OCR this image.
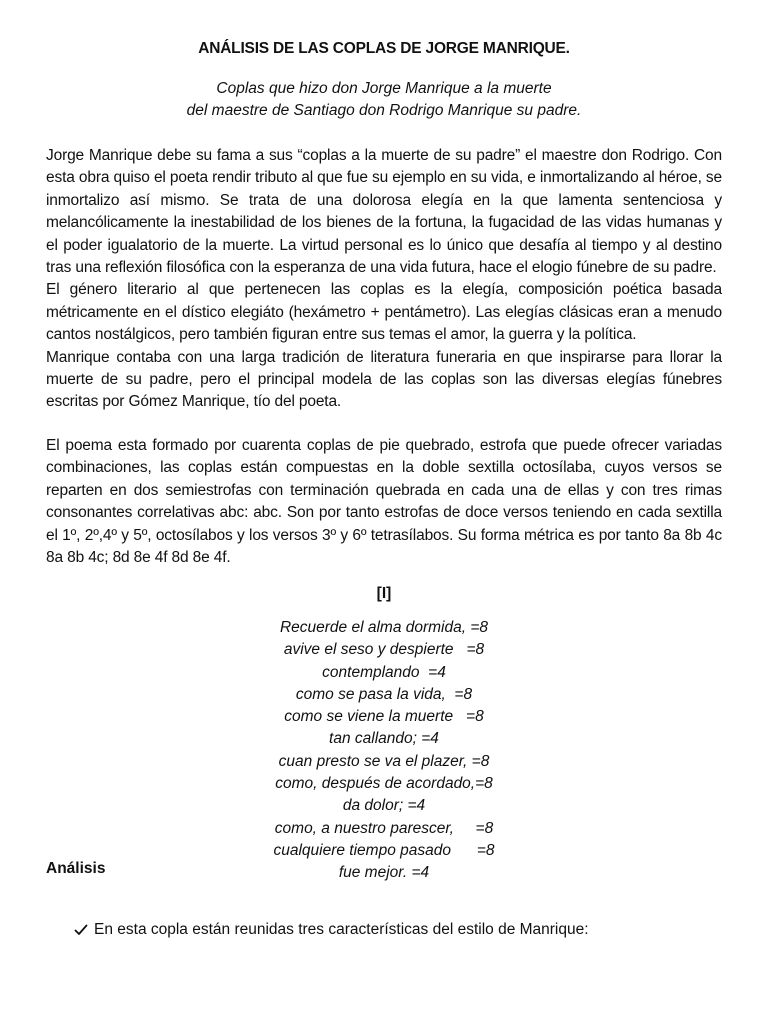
ANÁLISIS DE LAS COPLAS DE JORGE MANRIQUE.
Coplas que hizo don Jorge Manrique a la muerte
del maestre de Santiago don Rodrigo Manrique su padre.

Jorge Manrique debe su fama a sus “coplas a la muerte de su padre” el maestre don Rodrigo. Con esta obra quiso el poeta rendir tributo al que fue su ejemplo en su vida, e inmortalizando al héroe, se inmortalizo así mismo. Se trata de una dolorosa elegía en la que lamenta sentenciosa y melancólicamente la inestabilidad de los bienes de la fortuna, la fugacidad de las vidas humanas y el poder igualatorio de la muerte. La virtud personal es lo único que desafía al tiempo y al destino tras una reflexión filosófica con la esperanza de una vida futura, hace el elogio fúnebre de su padre.

El género literario al que pertenecen las coplas es la elegía, composición poética basada métricamente en el dístico elegiáto (hexámetro + pentámetro). Las elegías clásicas eran a menudo cantos nostálgicos, pero también figuran entre sus temas el amor, la guerra y la política.

Manrique contaba con una larga tradición de literatura funeraria en que inspirarse para llorar la muerte de su padre, pero el principal modela de las coplas son las diversas elegías fúnebres escritas por Gómez Manrique, tío del poeta.

El poema esta formado por cuarenta coplas de pie quebrado, estrofa que puede ofrecer variadas combinaciones, las coplas están compuestas en la doble sextilla octosílaba, cuyos versos se reparten en dos semiestrofas con terminación quebrada en cada una de ellas y con tres rimas consonantes correlativas abc: abc. Son por tanto estrofas de doce versos teniendo en cada sextilla el 1º, 2º,4º y 5º, octosílabos y los versos 3º y 6º tetrasílabos. Su forma métrica es por tanto 8a 8b 4c 8a 8b 4c; 8d 8e 4f 8d 8e 4f.

[I]
Recuerde el alma dormida, =8
avive el seso y despierte   =8
contemplando  =4
como se pasa la vida,  =8
como se viene la muerte   =8
tan callando; =4
cuan presto se va el plazer, =8
como, después de acordado,=8
da dolor; =4
como, a nuestro parescer,     =8
cualquiere tiempo pasado      =8
fue mejor. =4
Análisis
En esta copla están reunidas tres características del estilo de Manrique:
